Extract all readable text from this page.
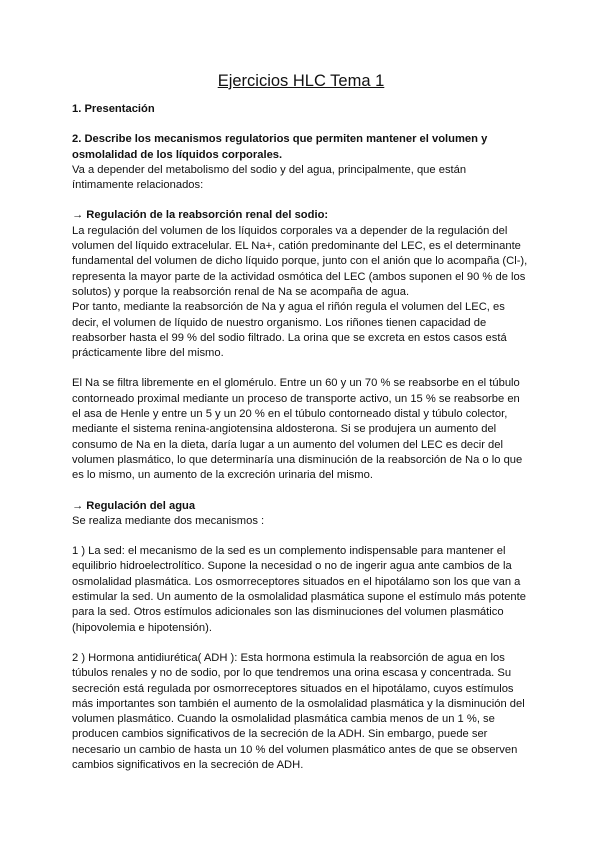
Ejercicios HLC Tema 1

1. Presentación

2. Describe los mecanismos regulatorios que permiten mantener el volumen y osmolalidad de los líquidos corporales.

Va a depender del metabolismo del sodio y del agua, principalmente, que están íntimamente relacionados:

→ Regulación de la reabsorción renal del sodio:

La regulación del volumen de los líquidos corporales va a depender de la regulación del volumen del líquido extracelular. EL Na+, catión predominante del LEC, es el determinante fundamental del volumen de dicho líquido porque, junto con el anión que lo acompaña (Cl-), representa la mayor parte de la actividad osmótica del LEC (ambos suponen el 90 % de los solutos) y porque la reabsorción renal de Na se acompaña de agua.

Por tanto, mediante la reabsorción de Na y agua el riñón regula el volumen del LEC, es decir, el volumen de líquido de nuestro organismo. Los riñones tienen capacidad de reabsorber hasta el 99 % del sodio filtrado. La orina que se excreta en estos casos está prácticamente libre del mismo.

El Na se filtra libremente en el glomérulo. Entre un 60 y un 70 % se reabsorbe en el túbulo contorneado proximal mediante un proceso de transporte activo, un 15 % se reabsorbe en el asa de Henle y entre un 5 y un 20 % en el túbulo contorneado distal y túbulo colector, mediante el sistema renina-angiotensina aldosterona. Si se produjera un aumento del consumo de Na en la dieta, daría lugar a un aumento del volumen del LEC es decir del volumen plasmático, lo que determinaría una disminución de la reabsorción de Na o lo que es lo mismo, un aumento de la excreción urinaria del mismo.

→ Regulación del agua

Se realiza mediante dos mecanismos :

1 ) La sed: el mecanismo de la sed es un complemento indispensable para mantener el equilibrio hidroelectrolítico. Supone la necesidad o no de ingerir agua ante cambios de la osmolalidad plasmática. Los osmorreceptores situados en el hipotálamo son los que van a estimular la sed. Un aumento de la osmolalidad plasmática supone el estímulo más potente para la sed. Otros estímulos adicionales son las disminuciones del volumen plasmático (hipovolemia e hipotensión).

2 ) Hormona antidiurética( ADH ): Esta hormona estimula la reabsorción de agua en los túbulos renales y no de sodio, por lo que tendremos una orina escasa y concentrada. Su secreción está regulada por osmorreceptores situados en el hipotálamo, cuyos estímulos más importantes son también el aumento de la osmolalidad plasmática y la disminución del volumen plasmático. Cuando la osmolalidad plasmática cambia menos de un 1 %, se producen cambios significativos de la secreción de la ADH. Sin embargo, puede ser necesario un cambio de hasta un 10 % del volumen plasmático antes de que se observen cambios significativos en la secreción de ADH.
